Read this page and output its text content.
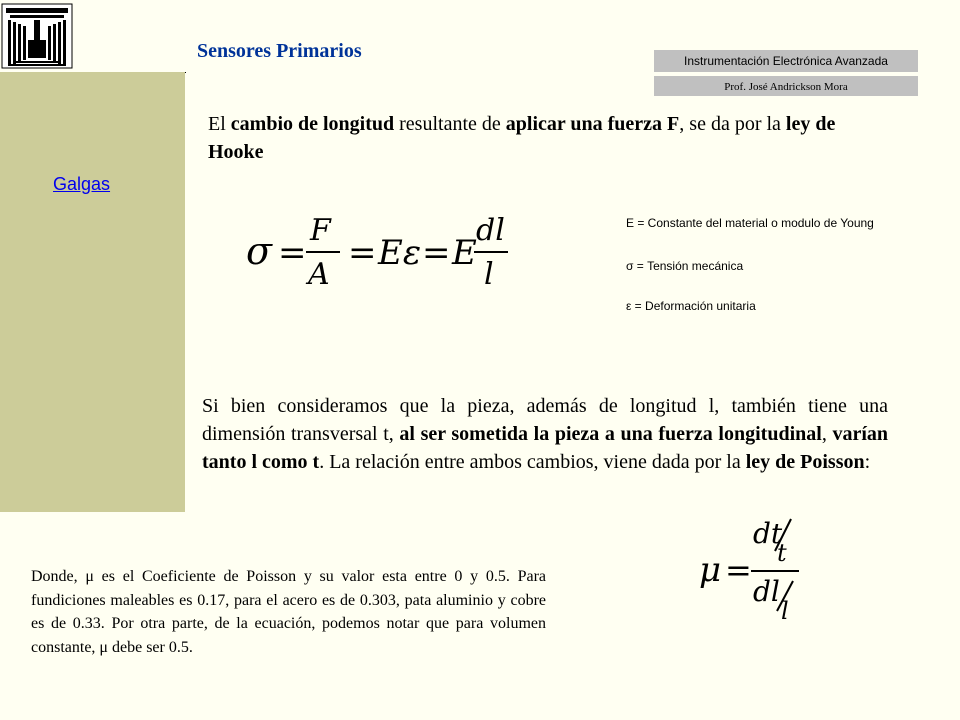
Galgas
Sensores Primarios	Instrumentación Electrónica Avanzada
Prof. José Andrickson Mora
El cambio de longitud resultante de aplicar una fuerza F, se da por la ley de Hooke
σ =
F
A
= Eε = E
dl
l
E = Constante del material o modulo de Young
σ = Tensión mecánica
ε = Deformación unitaria
Si bien consideramos que la pieza, además de longitud l, también tiene una dimensión transversal t, al ser sometida la pieza a una fuerza longitudinal, varían tanto l como t. La relación entre ambos cambios, viene dada por la ley de Poisson:
μ =
dt
t
dl
l
Donde, μ es el Coeficiente de Poisson y su valor esta entre 0 y 0.5. Para fundiciones maleables es 0.17, para el acero es de 0.303, pata aluminio y cobre es de 0.33. Por otra parte, de la ecuación, podemos notar que para volumen constante, μ debe ser 0.5.
